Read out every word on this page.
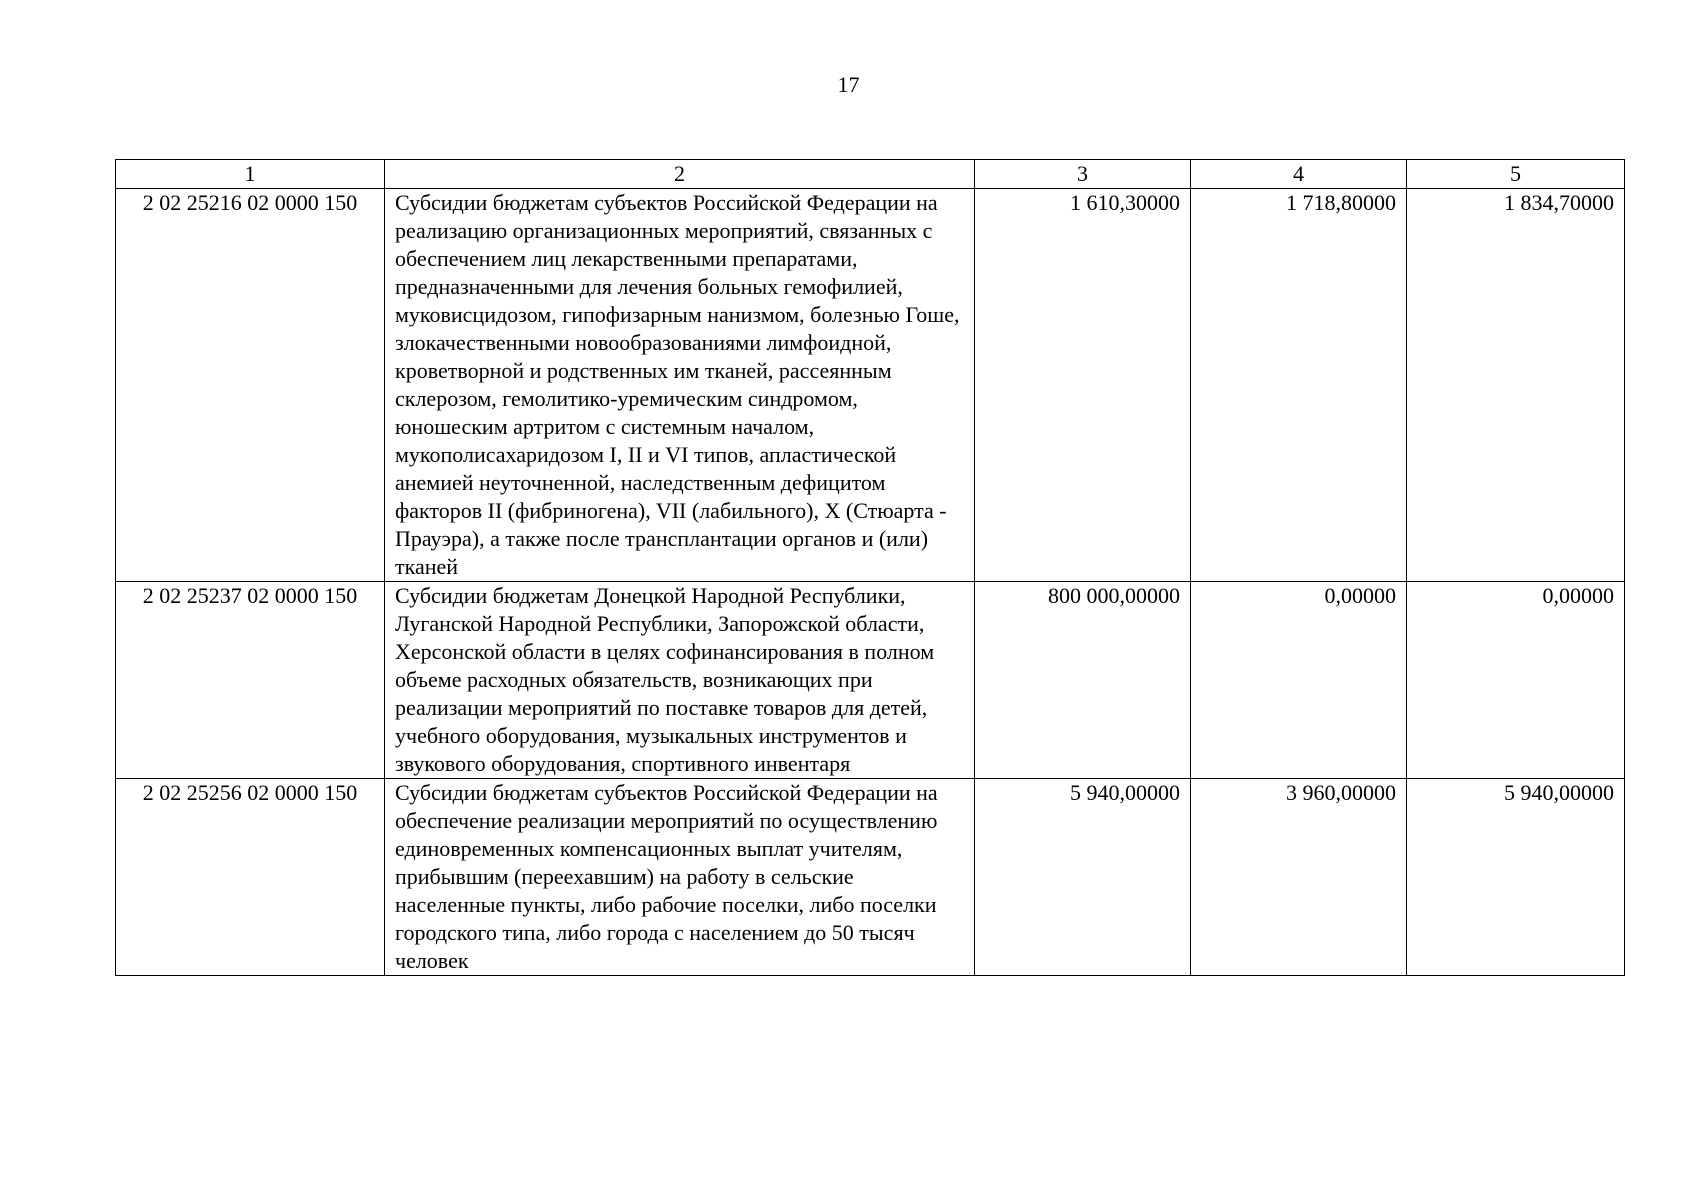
17
1	2	3	4	5
2 02 25216 02 0000 150	Субсидии бюджетам субъектов Российской Федерации на реализацию организационных мероприятий, связанных с обеспечением лиц лекарственными препаратами, предназначенными для лечения больных гемофилией, муковисцидозом, гипофизарным нанизмом, болезнью Гоше, злокачественными новообразованиями лимфоидной, кроветворной и родственных им тканей, рассеянным склерозом, гемолитико-уремическим синдромом, юношеским артритом с системным началом, мукополисахаридозом I, II и VI типов, апластической анемией неуточненной, наследственным дефицитом факторов II (фибриногена), VII (лабильного), X (Стюарта - Прауэра), а также после трансплантации органов и (или) тканей	1 610,30000	1 718,80000	1 834,70000
2 02 25237 02 0000 150	Субсидии бюджетам Донецкой Народной Республики, Луганской Народной Республики, Запорожской области, Херсонской области в целях софинансирования в полном объеме расходных обязательств, возникающих при реализации мероприятий по поставке товаров для детей, учебного оборудования, музыкальных инструментов и звукового оборудования, спортивного инвентаря	800 000,00000	0,00000	0,00000
2 02 25256 02 0000 150	Субсидии бюджетам субъектов Российской Федерации на обеспечение реализации мероприятий по осуществлению единовременных компенсационных выплат учителям, прибывшим (переехавшим) на работу в сельские населенные пункты, либо рабочие поселки, либо поселки городского типа, либо города с населением до 50 тысяч человек	5 940,00000	3 960,00000	5 940,00000
